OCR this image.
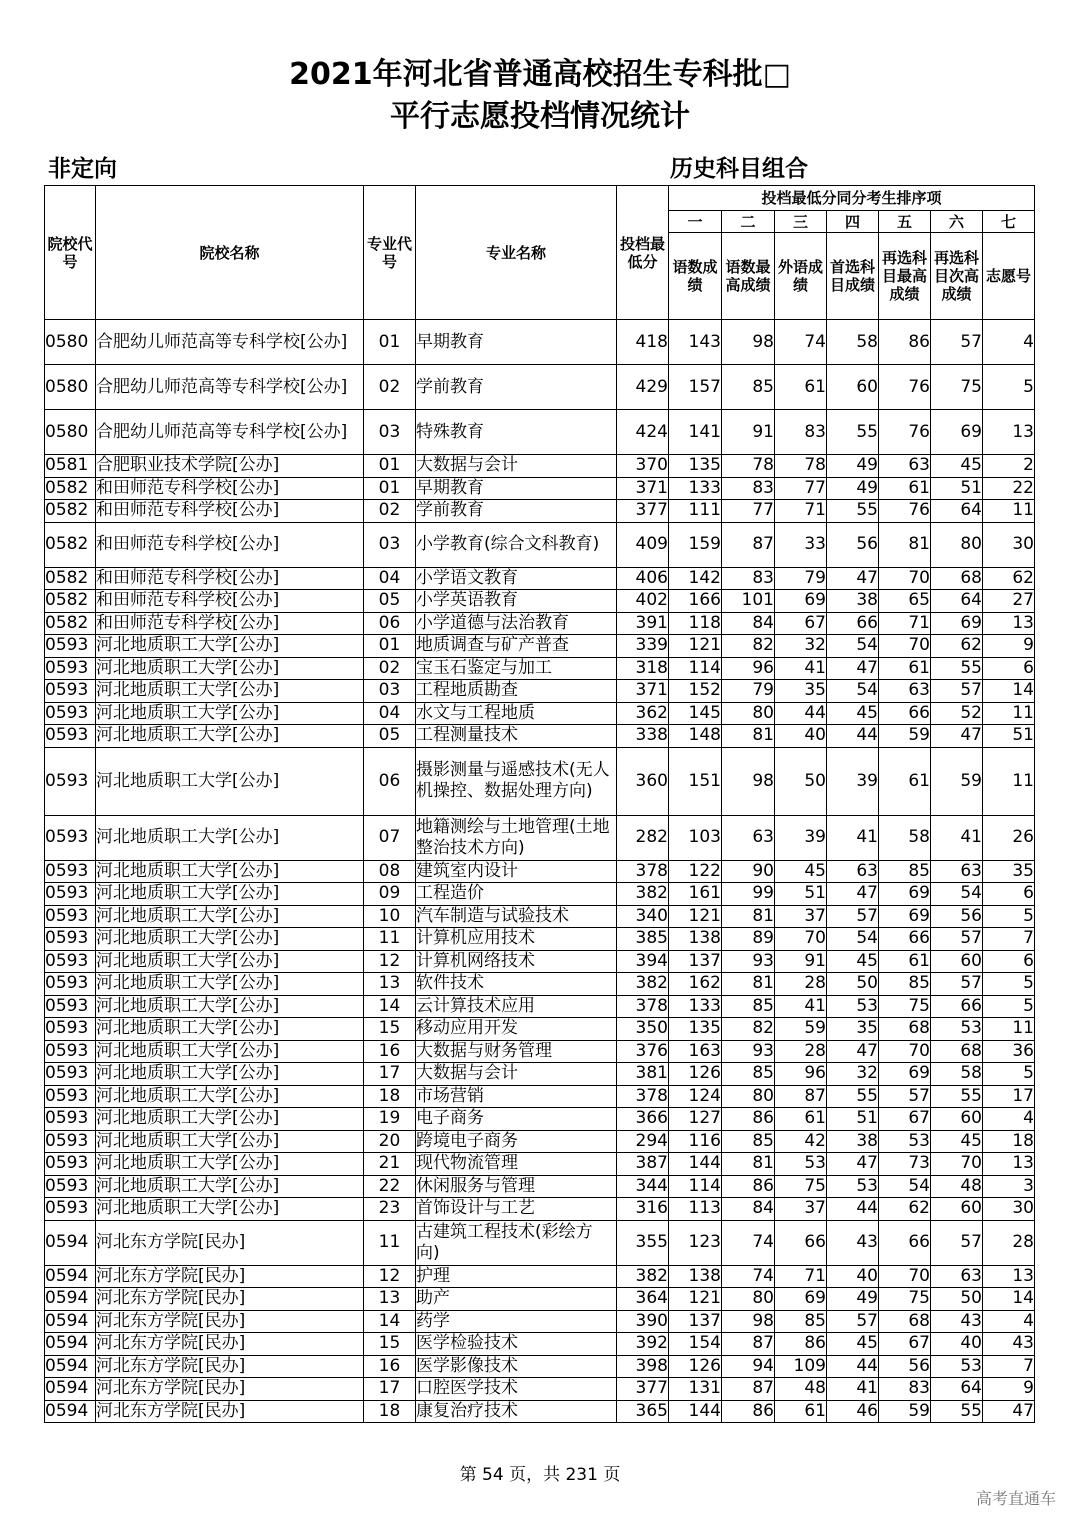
2021年河北省普通高校招生专科批□
平行志愿投档情况统计
非定向	历史科目组合
院校代号	院校名称	专业代号	专业名称	投档最低分	投档最低分同分考生排序项						
					一	二	三	四	五	六	七
					语数成绩	语数最高成绩	外语成绩	首选科目成绩	再选科目最高成绩	再选科目次高成绩	志愿号
0580	合肥幼儿师范高等专科学校[公办]	01	早期教育	418	143	98	74	58	86	57	4
0580	合肥幼儿师范高等专科学校[公办]	02	学前教育	429	157	85	61	60	76	75	5
0580	合肥幼儿师范高等专科学校[公办]	03	特殊教育	424	141	91	83	55	76	69	13
0581	合肥职业技术学院[公办]	01	大数据与会计	370	135	78	78	49	63	45	2
0582	和田师范专科学校[公办]	01	早期教育	371	133	83	77	49	61	51	22
0582	和田师范专科学校[公办]	02	学前教育	377	111	77	71	55	76	64	11
0582	和田师范专科学校[公办]	03	小学教育(综合文科教育)	409	159	87	33	56	81	80	30
0582	和田师范专科学校[公办]	04	小学语文教育	406	142	83	79	47	70	68	62
0582	和田师范专科学校[公办]	05	小学英语教育	402	166	101	69	38	65	64	27
0582	和田师范专科学校[公办]	06	小学道德与法治教育	391	118	84	67	66	71	69	13
0593	河北地质职工大学[公办]	01	地质调查与矿产普查	339	121	82	32	54	70	62	9
0593	河北地质职工大学[公办]	02	宝玉石鉴定与加工	318	114	96	41	47	61	55	6
0593	河北地质职工大学[公办]	03	工程地质勘查	371	152	79	35	54	63	57	14
0593	河北地质职工大学[公办]	04	水文与工程地质	362	145	80	44	45	66	52	11
0593	河北地质职工大学[公办]	05	工程测量技术	338	148	81	40	44	59	47	51
0593	河北地质职工大学[公办]	06	摄影测量与遥感技术(无人机操控、数据处理方向)	360	151	98	50	39	61	59	11
0593	河北地质职工大学[公办]	07	地籍测绘与土地管理(土地整治技术方向)	282	103	63	39	41	58	41	26
0593	河北地质职工大学[公办]	08	建筑室内设计	378	122	90	45	63	85	63	35
0593	河北地质职工大学[公办]	09	工程造价	382	161	99	51	47	69	54	6
0593	河北地质职工大学[公办]	10	汽车制造与试验技术	340	121	81	37	57	69	56	5
0593	河北地质职工大学[公办]	11	计算机应用技术	385	138	89	70	54	66	57	7
0593	河北地质职工大学[公办]	12	计算机网络技术	394	137	93	91	45	61	60	6
0593	河北地质职工大学[公办]	13	软件技术	382	162	81	28	50	85	57	5
0593	河北地质职工大学[公办]	14	云计算技术应用	378	133	85	41	53	75	66	5
0593	河北地质职工大学[公办]	15	移动应用开发	350	135	82	59	35	68	53	11
0593	河北地质职工大学[公办]	16	大数据与财务管理	376	163	93	28	47	70	68	36
0593	河北地质职工大学[公办]	17	大数据与会计	381	126	85	96	32	69	58	5
0593	河北地质职工大学[公办]	18	市场营销	378	124	80	87	55	57	55	17
0593	河北地质职工大学[公办]	19	电子商务	366	127	86	61	51	67	60	4
0593	河北地质职工大学[公办]	20	跨境电子商务	294	116	85	42	38	53	45	18
0593	河北地质职工大学[公办]	21	现代物流管理	387	144	81	53	47	73	70	13
0593	河北地质职工大学[公办]	22	休闲服务与管理	344	114	86	75	53	54	48	3
0593	河北地质职工大学[公办]	23	首饰设计与工艺	316	113	84	37	44	62	60	30
0594	河北东方学院[民办]	11	古建筑工程技术(彩绘方向)	355	123	74	66	43	66	57	28
0594	河北东方学院[民办]	12	护理	382	138	74	71	40	70	63	13
0594	河北东方学院[民办]	13	助产	364	121	80	69	49	75	50	14
0594	河北东方学院[民办]	14	药学	390	137	98	85	57	68	43	4
0594	河北东方学院[民办]	15	医学检验技术	392	154	87	86	45	67	40	43
0594	河北东方学院[民办]	16	医学影像技术	398	126	94	109	44	56	53	7
0594	河北东方学院[民办]	17	口腔医学技术	377	131	87	48	41	83	64	9
0594	河北东方学院[民办]	18	康复治疗技术	365	144	86	61	46	59	55	47
第 54 页，共 231 页
高考直通车
